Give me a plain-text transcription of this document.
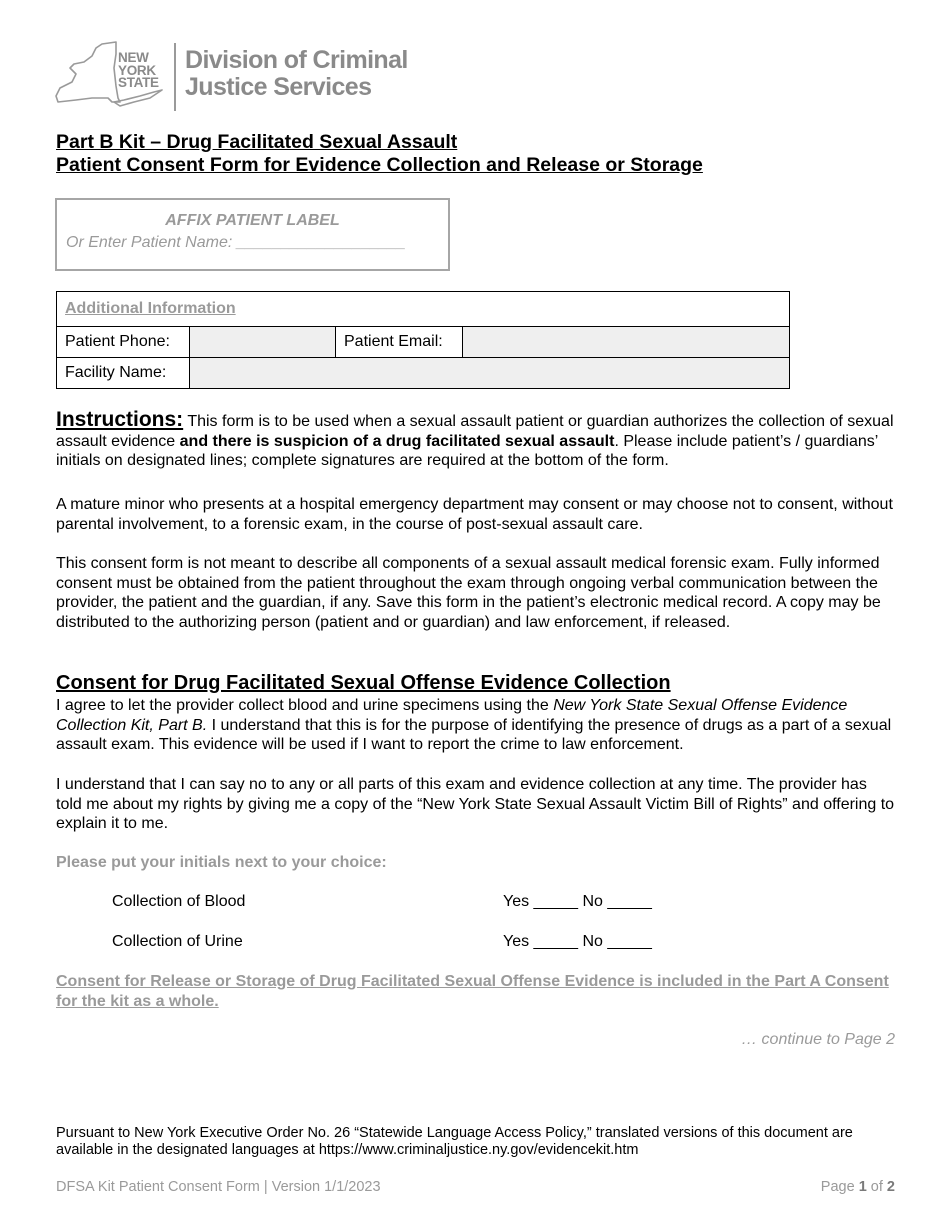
NEW
YORK
STATE
Division of Criminal
Justice Services
Part B Kit – Drug Facilitated Sexual Assault
Patient Consent Form for Evidence Collection and Release or Storage
AFFIX PATIENT LABEL
Or Enter Patient Name: ___________________
Additional Information			
Patient Phone:		Patient Email:	
Facility Name:			
Instructions: This form is to be used when a sexual assault patient or guardian authorizes the collection of sexual assault evidence and there is suspicion of a drug facilitated sexual assault. Please include patient’s / guardians’ initials on designated lines; complete signatures are required at the bottom of the form.
A mature minor who presents at a hospital emergency department may consent or may choose not to consent, without parental involvement, to a forensic exam, in the course of post-sexual assault care.
This consent form is not meant to describe all components of a sexual assault medical forensic exam. Fully informed consent must be obtained from the patient throughout the exam through ongoing verbal communication between the provider, the patient and the guardian, if any. Save this form in the patient’s electronic medical record. A copy may be distributed to the authorizing person (patient and or guardian) and law enforcement, if released.
Consent for Drug Facilitated Sexual Offense Evidence Collection
I agree to let the provider collect blood and urine specimens using the New York State Sexual Offense Evidence Collection Kit, Part B. I understand that this is for the purpose of identifying the presence of drugs as a part of a sexual assault exam. This evidence will be used if I want to report the crime to law enforcement.
I understand that I can say no to any or all parts of this exam and evidence collection at any time. The provider has told me about my rights by giving me a copy of the “New York State Sexual Assault Victim Bill of Rights” and offering to explain it to me.
Please put your initials next to your choice:
Collection of Blood	Yes _____ No _____
Collection of Urine	Yes _____ No _____
Consent for Release or Storage of Drug Facilitated Sexual Offense Evidence is included in the Part A Consent for the kit as a whole.
… continue to Page 2
Pursuant to New York Executive Order No. 26 “Statewide Language Access Policy,” translated versions of this document are available in the designated languages at https://www.criminaljustice.ny.gov/evidencekit.htm
DFSA Kit Patient Consent Form | Version 1/1/2023	Page 1 of 2
